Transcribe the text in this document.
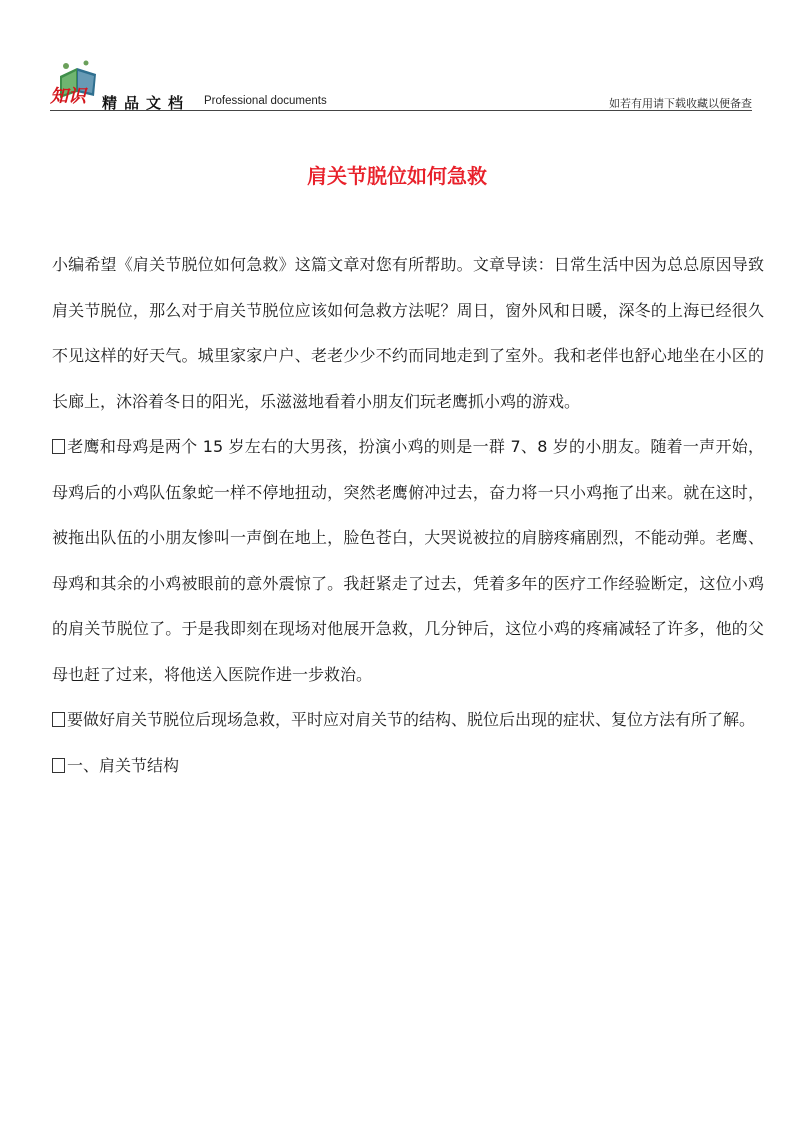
知识 精品文档 Professional documents	如若有用请下载收藏以便备查
肩关节脱位如何急救

小编希望《肩关节脱位如何急救》这篇文章对您有所帮助。文章导读：日常生活中因为总总原因导致肩关节脱位，那么对于肩关节脱位应该如何急救方法呢？周日，窗外风和日暖，深冬的上海已经很久不见这样的好天气。城里家家户户、老老少少不约而同地走到了室外。我和老伴也舒心地坐在小区的长廊上，沐浴着冬日的阳光，乐滋滋地看着小朋友们玩老鹰抓小鸡的游戏。

老鹰和母鸡是两个 15 岁左右的大男孩，扮演小鸡的则是一群 7、8 岁的小朋友。随着一声开始，母鸡后的小鸡队伍象蛇一样不停地扭动，突然老鹰俯冲过去，奋力将一只小鸡拖了出来。就在这时，被拖出队伍的小朋友惨叫一声倒在地上，脸色苍白，大哭说被拉的肩膀疼痛剧烈，不能动弹。老鹰、母鸡和其余的小鸡被眼前的意外震惊了。我赶紧走了过去，凭着多年的医疗工作经验断定，这位小鸡的肩关节脱位了。于是我即刻在现场对他展开急救，几分钟后，这位小鸡的疼痛减轻了许多，他的父母也赶了过来，将他送入医院作进一步救治。

要做好肩关节脱位后现场急救，平时应对肩关节的结构、脱位后出现的症状、复位方法有所了解。

一、肩关节结构
